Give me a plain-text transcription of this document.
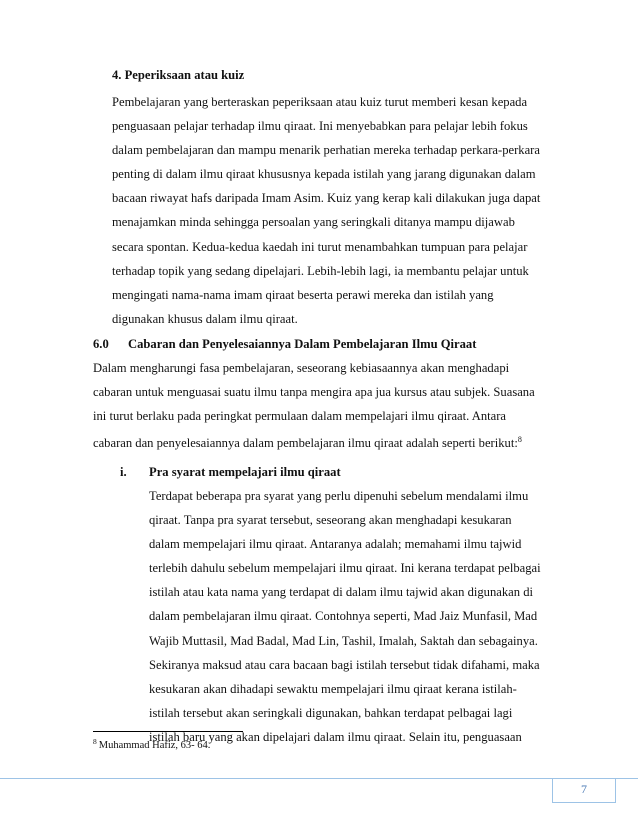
4. Peperiksaan atau kuiz

Pembelajaran yang berteraskan peperiksaan atau kuiz turut memberi kesan kepada

penguasaan pelajar terhadap ilmu qiraat. Ini menyebabkan para pelajar lebih fokus

dalam pembelajaran dan mampu menarik perhatian mereka terhadap perkara-perkara

penting di dalam ilmu qiraat khususnya kepada istilah yang jarang digunakan dalam

bacaan riwayat hafs daripada Imam Asim. Kuiz yang kerap kali dilakukan juga dapat

menajamkan minda sehingga persoalan yang seringkali ditanya mampu dijawab

secara spontan. Kedua-kedua kaedah ini turut menambahkan tumpuan para pelajar

terhadap topik yang sedang dipelajari. Lebih-lebih lagi, ia membantu pelajar untuk

mengingati nama-nama imam qiraat beserta perawi mereka dan istilah yang

digunakan khusus dalam ilmu qiraat.

6.0 Cabaran dan Penyelesaiannya Dalam Pembelajaran Ilmu Qiraat

Dalam mengharungi fasa pembelajaran, seseorang kebiasaannya akan menghadapi

cabaran untuk menguasai suatu ilmu tanpa mengira apa jua kursus atau subjek. Suasana

ini turut berlaku pada peringkat permulaan dalam mempelajari ilmu qiraat. Antara

cabaran dan penyelesaiannya dalam pembelajaran ilmu qiraat adalah seperti berikut:$^8$

i. Pra syarat mempelajari ilmu qiraat

Terdapat beberapa pra syarat yang perlu dipenuhi sebelum mendalami ilmu

qiraat. Tanpa pra syarat tersebut, seseorang akan menghadapi kesukaran

dalam mempelajari ilmu qiraat. Antaranya adalah; memahami ilmu tajwid

terlebih dahulu sebelum mempelajari ilmu qiraat. Ini kerana terdapat pelbagai

istilah atau kata nama yang terdapat di dalam ilmu tajwid akan digunakan di

dalam pembelajaran ilmu qiraat. Contohnya seperti, Mad Jaiz Munfasil, Mad

Wajib Muttasil, Mad Badal, Mad Lin, Tashil, Imalah, Saktah dan sebagainya.

Sekiranya maksud atau cara bacaan bagi istilah tersebut tidak difahami, maka

kesukaran akan dihadapi sewaktu mempelajari ilmu qiraat kerana istilah-

istilah tersebut akan seringkali digunakan, bahkan terdapat pelbagai lagi

istilah baru yang akan dipelajari dalam ilmu qiraat. Selain itu, penguasaan

$^8$ Muhammad Hafiz, 63- 64.
7
